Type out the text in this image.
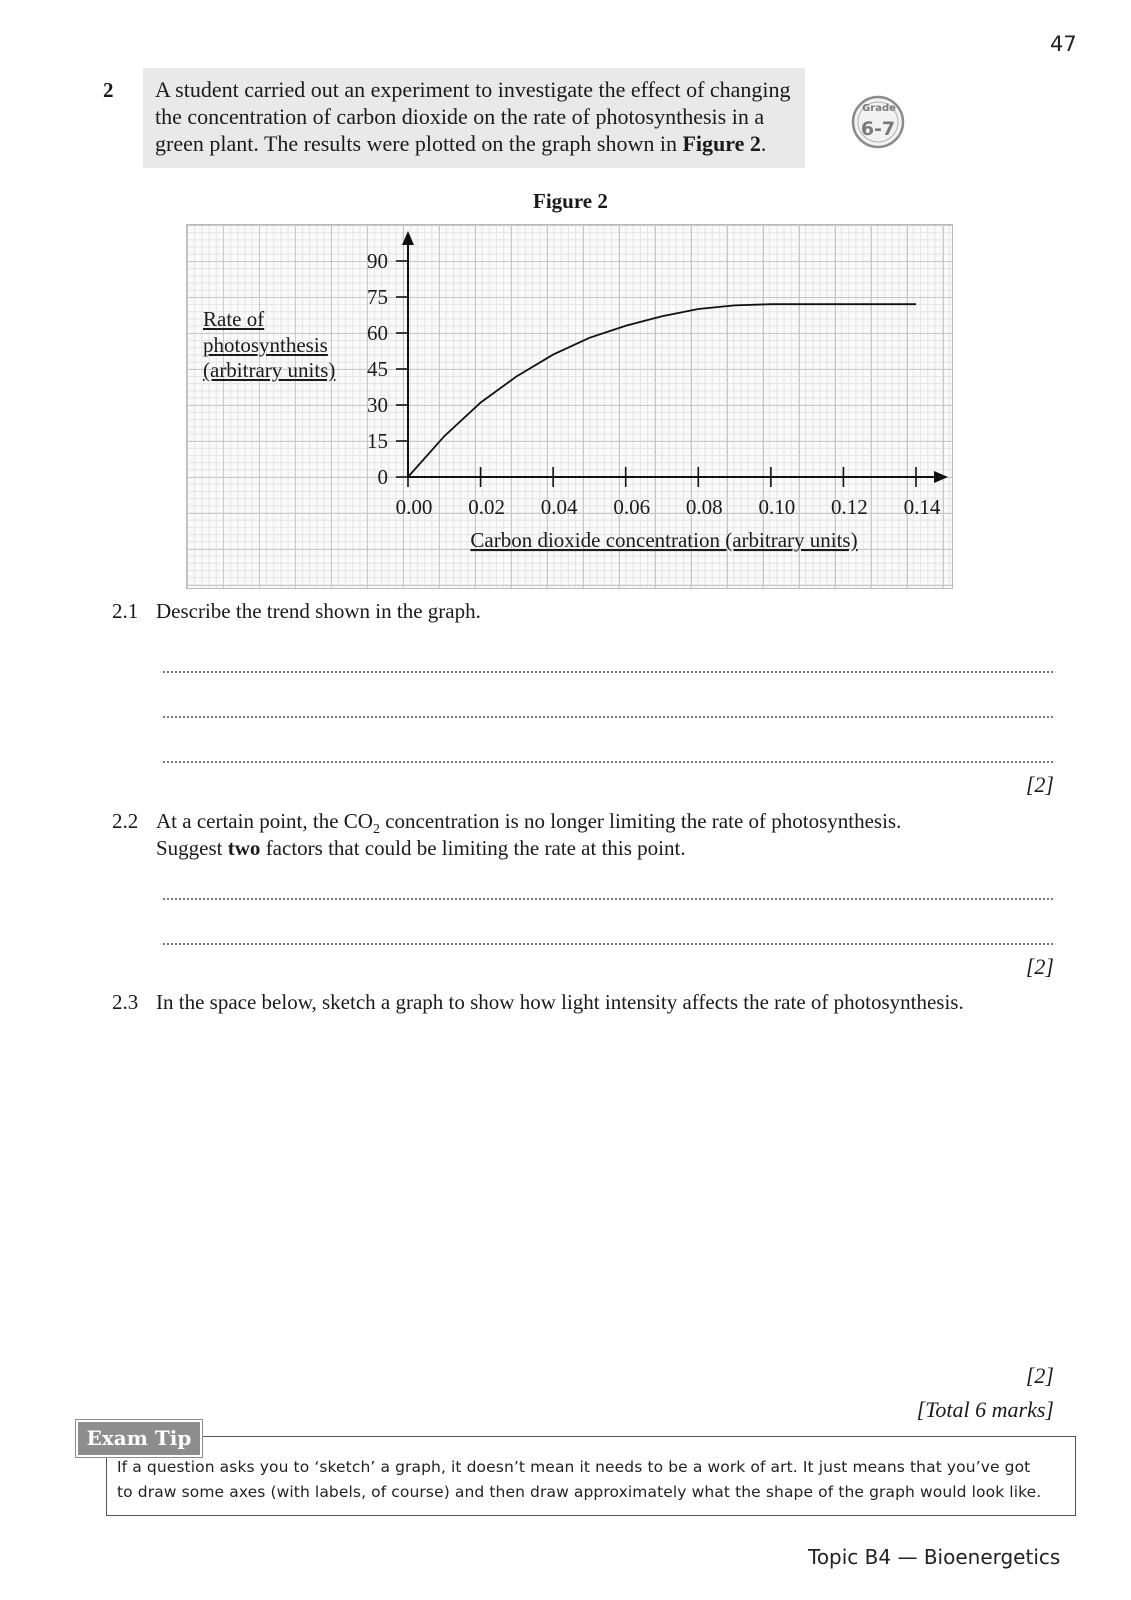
47
2	A student carried out an experiment to investigate the effect of changing the concentration of carbon dioxide on the rate of photosynthesis in a green plant. The results were plotted on the graph shown in Figure 2.
Grade
6-7
Figure 2
Rate of
photosynthesis
(arbitrary units)
0
15
30
45
60
75
90
0.00 0.02 0.04 0.06 0.08 0.10 0.12 0.14
Carbon dioxide concentration (arbitrary units)
2.1 Describe the trend shown in the graph.
[2]
2.2 At a certain point, the $CO_2$ concentration is no longer limiting the rate of photosynthesis.
Suggest two factors that could be limiting the rate at this point.
[2]
2.3 In the space below, sketch a graph to show how light intensity affects the rate of photosynthesis.
[2]
[Total 6 marks]
Exam Tip
If a question asks you to ‘sketch’ a graph, it doesn’t mean it needs to be a work of art. It just means that you’ve got
to draw some axes (with labels, of course) and then draw approximately what the shape of the graph would look like.
Topic B4 — Bioenergetics
